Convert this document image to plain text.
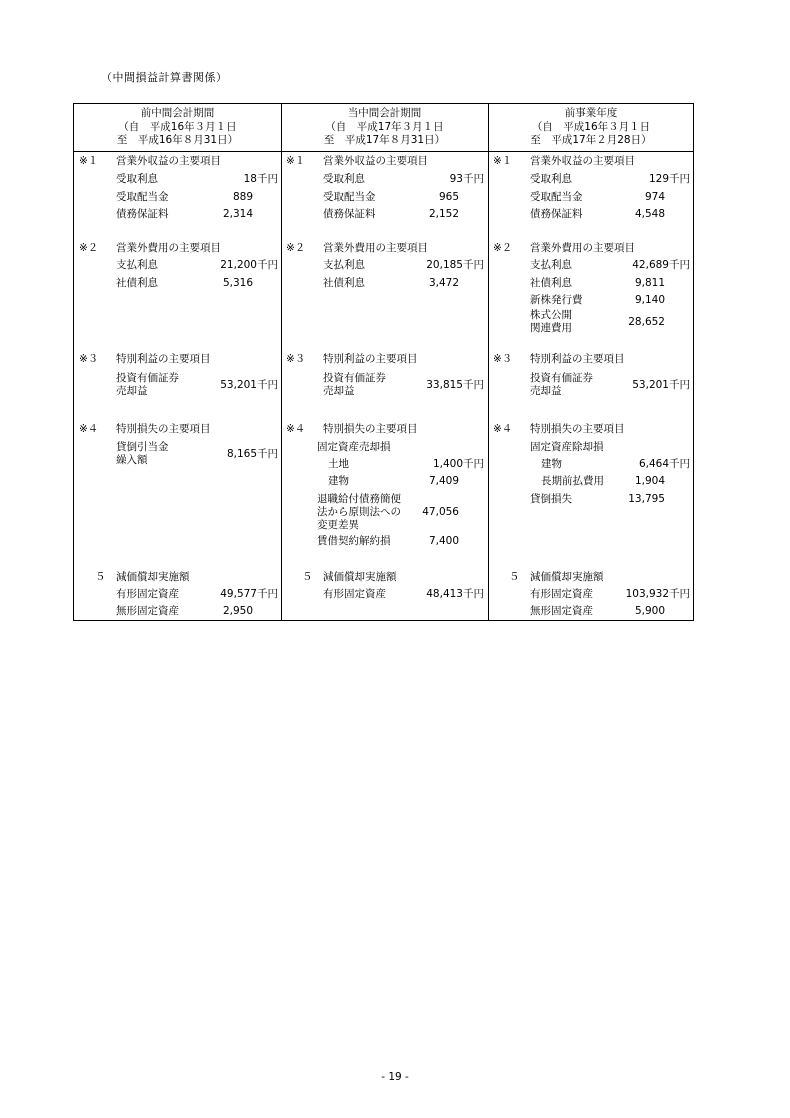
（中間損益計算書関係）
前中間会計期間
（自　平成16年３月１日
至　平成16年８月31日）
※１ 営業外収益の主要項目
受取利息	18千円
受取配当金	889
債務保証料	2,314
※２ 営業外費用の主要項目
支払利息	21,200千円
社債利息	5,316
※３ 特別利益の主要項目
投資有価証券
売却益	53,201千円
※４ 特別損失の主要項目
貸倒引当金
繰入額	8,165千円
５ 減価償却実施額
有形固定資産	49,577千円
無形固定資産	2,950
当中間会計期間
（自　平成17年３月１日
至　平成17年８月31日）
※１ 営業外収益の主要項目
受取利息	93千円
受取配当金	965
債務保証料	2,152
※２ 営業外費用の主要項目
支払利息	20,185千円
社債利息	3,472
※３ 特別利益の主要項目
投資有価証券
売却益	33,815千円
※４ 特別損失の主要項目
固定資産売却損
土地	1,400千円
建物	7,409
退職給付債務簡便
法から原則法への
変更差異
47,056
賃借契約解約損	7,400
５ 減価償却実施額
有形固定資産	48,413千円
前事業年度
（自　平成16年３月１日
至　平成17年２月28日）
※１ 営業外収益の主要項目
受取利息	129千円
受取配当金	974
債務保証料	4,548
※２ 営業外費用の主要項目
支払利息	42,689千円
社債利息	9,811
新株発行費	9,140
株式公開
関連費用	28,652
※３ 特別利益の主要項目
投資有価証券
売却益	53,201千円
※４ 特別損失の主要項目
固定資産除却損
建物	6,464千円
長期前払費用	1,904
貸倒損失	13,795
５ 減価償却実施額
有形固定資産	103,932千円
無形固定資産	5,900
- 19 -
